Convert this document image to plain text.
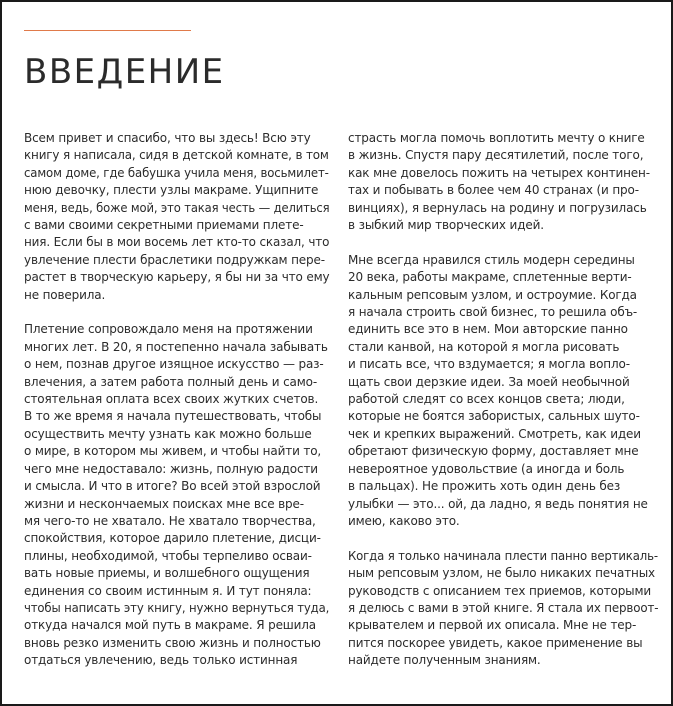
ВВЕДЕНИЕ
Всем привет и спасибо, что вы здесь! Всю эту
книгу я написала, сидя в детской комнате, в том
самом доме, где бабушка учила меня, восьмилет-
нюю девочку, плести узлы макраме. Ущипните
меня, ведь, боже мой, это такая честь — делиться
с вами своими секретными приемами плете-
ния. Если бы в мои восемь лет кто-то сказал, что
увлечение плести браслетики подружкам пере-
растет в творческую карьеру, я бы ни за что ему
не поверила.
Плетение сопровождало меня на протяжении
многих лет. В 20, я постепенно начала забывать
о нем, познав другое изящное искусство — раз-
влечения, а затем работа полный день и само-
стоятельная оплата всех своих жутких счетов.
В то же время я начала путешествовать, чтобы
осуществить мечту узнать как можно больше
о мире, в котором мы живем, и чтобы найти то,
чего мне недоставало: жизнь, полную радости
и смысла. И что в итоге? Во всей этой взрослой
жизни и нескончаемых поисках мне все вре-
мя чего-то не хватало. Не хватало творчества,
спокойствия, которое дарило плетение, дисци-
плины, необходимой, чтобы терпеливо осваи-
вать новые приемы, и волшебного ощущения
единения со своим истинным я. И тут поняла:
чтобы написать эту книгу, нужно вернуться туда,
откуда начался мой путь в макраме. Я решила
вновь резко изменить свою жизнь и полностью
отдаться увлечению, ведь только истинная
страсть могла помочь воплотить мечту о книге
в жизнь. Спустя пару десятилетий, после того,
как мне довелось пожить на четырех континен-
тах и побывать в более чем 40 странах (и про-
винциях), я вернулась на родину и погрузилась
в зыбкий мир творческих идей.
Мне всегда нравился стиль модерн середины
20 века, работы макраме, сплетенные верти-
кальным репсовым узлом, и остроумие. Когда
я начала строить свой бизнес, то решила объ-
единить все это в нем. Мои авторские панно
стали канвой, на которой я могла рисовать
и писать все, что вздумается; я могла вопло-
щать свои дерзкие идеи. За моей необычной
работой следят со всех концов света; люди,
которые не боятся забористых, сальных шуто-
чек и крепких выражений. Смотреть, как идеи
обретают физическую форму, доставляет мне
невероятное удовольствие (а иногда и боль
в пальцах). Не прожить хоть один день без
улыбки — это... ой, да ладно, я ведь понятия не
имею, каково это.
Когда я только начинала плести панно вертикаль-
ным репсовым узлом, не было никаких печатных
руководств с описанием тех приемов, которыми
я делюсь с вами в этой книге. Я стала их первоот-
крывателем и первой их описала. Мне не тер-
пится поскорее увидеть, какое применение вы
найдете полученным знаниям.
